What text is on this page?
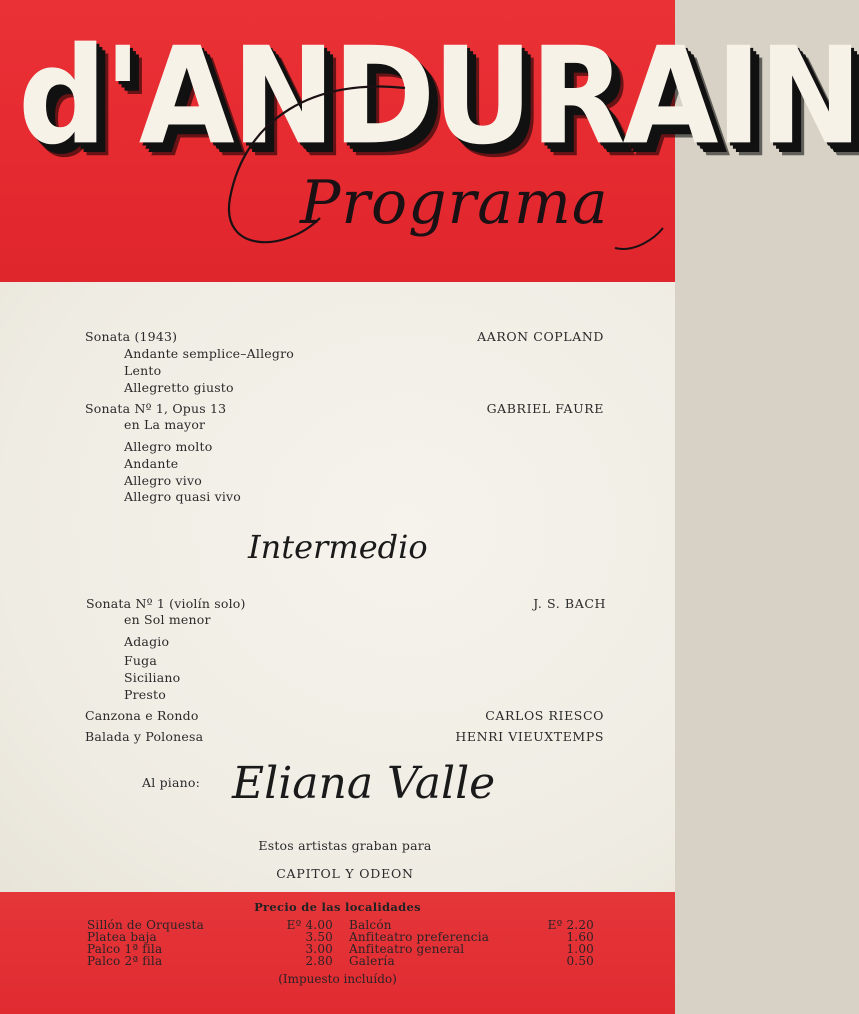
d'ANDURAIN
Programa
Sonata (1943)	AARON COPLAND
Andante semplice–Allegro
Lento
Allegretto giusto
Sonata Nº 1, Opus 13	GABRIEL FAURE
en La mayor
Allegro molto
Andante
Allegro vivo
Allegro quasi vivo
Intermedio
Sonata Nº 1 (violín solo)	J. S. BACH
en Sol menor
Adagio
Fuga
Siciliano
Presto
Canzona e Rondo	CARLOS RIESCO
Balada y Polonesa	HENRI VIEUXTEMPS
Al piano: Eliana Valle
Estos artistas graban para
CAPITOL Y ODEON
Precio de las localidades
Sillón de Orquesta	Eº 4.00
Platea baja	3.50
Palco 1ª fila	3.00
Palco 2ª fila	2.80
Balcón	Eº 2.20
Anfiteatro preferencia	1.60
Anfiteatro general	1.00
Galería	0.50
(Impuesto incluído)
